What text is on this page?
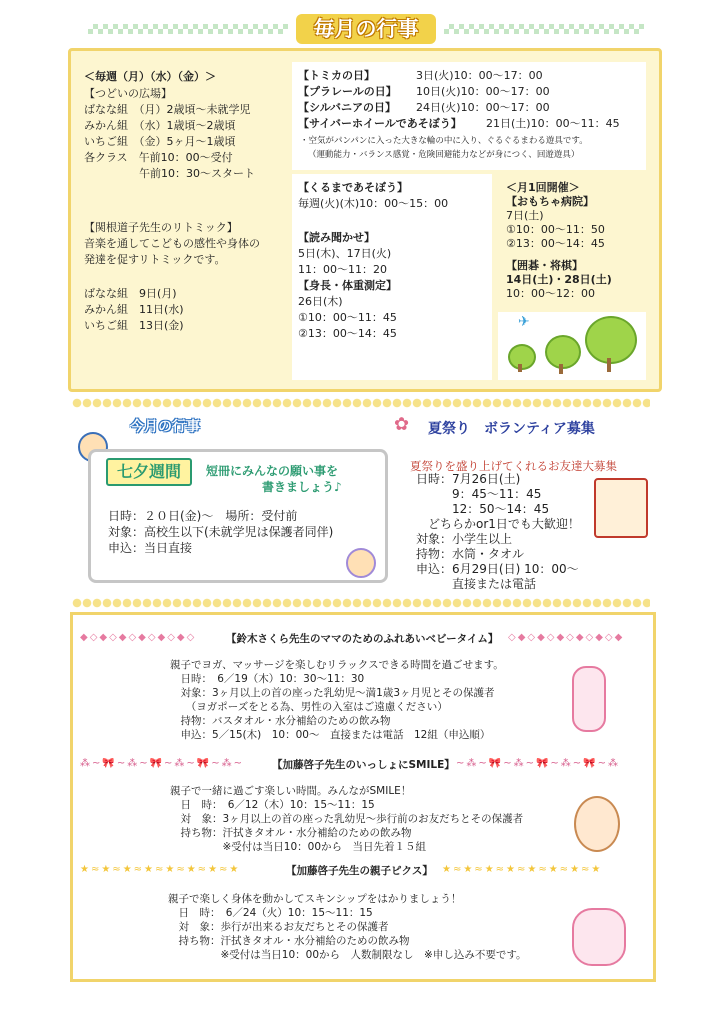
毎月の行事
＜毎週（月）（水）（金）＞
【つどいの広場】
ばなな組　（月）2歳頃～未就学児
みかん組　（水）1歳頃～2歳頃
いちご組　（金）5ヶ月～1歳頃
各クラス　午前10：00～受付
　　　　　午前10：30～スタート
【関根道子先生のリトミック】
音楽を通してこどもの感性や身体の
発達を促すリトミックです。
ばなな組　9日(月)
みかん組　11日(水)
いちご組　13日(金)
【トミカの日】	3日(火)10：00～17：00
【プラレールの日】 10日(火)10：00～17：00
【シルバニアの日】 24日(火)10：00～17：00
【サイバーホイールであそぼう】 21日(土)10：00～11：45
・空気がパンパンに入った大きな輪の中に入り、ぐるぐるまわる遊具です。
（運動能力・バランス感覚・危険回避能力などが身につく、回遊遊具）
【くるまであそぼう】
毎週(火)(木)10：00～15：00
【読み聞かせ】
5日(木)、17日(火)
11：00～11：20
【身長・体重測定】
26日(木)
①10：00～11：45
②13：00～14：45
＜月1回開催＞
【おもちゃ病院】
7日(土)
①10：00～11：50
②13：00～14：45
【囲碁・将棋】
14日(土)・28日(土)
10：00～12：00
✈
今月の行事
七夕週間	短冊にみんなの願い事を
書きましょう♪
日時：２０日(金)～　場所：受付前
対象：高校生以下(未就学児は保護者同伴)
申込：当日直接
✿ 夏祭り　ボランティア募集
夏祭りを盛り上げてくれるお友達大募集
日時：7月26日(土)
　　　9：45～11：45
　　　12：50～14：45
　どちらかor1日でも大歓迎！
対象：小学生以上
持物：水筒・タオル
申込：6月29日(日) 10：00～
　　　直接または電話
◆◇◆◇◆◇◆◇◆◇◆◇	【鈴木さくら先生のママのためのふれあいベビータイム】 ◇◆◇◆◇◆◇◆◇◆◇◆
親子でヨガ、マッサージを楽しむリラックスできる時間を過ごせます。
　日時：　6／19（木）10：30～11：30
　対象：3ヶ月以上の首の座った乳幼児～満1歳3ヶ月児とその保護者
　　（ヨガポーズをとる為、男性の入室はご遠慮ください）
　持物：バスタオル・水分補給のための飲み物
　申込：5／15(木)　10：00～　直接または電話　12組（申込順）
⁂~🎀~⁂~🎀~⁂~🎀~⁂~	【加藤啓子先生のいっしょにSMILE】 ~⁂~🎀~⁂~🎀~⁂~🎀~⁂
親子で一緒に過ごす楽しい時間。みんながSMILE！
　日　時：　6／12（木）10：15～11：15
　対　象：3ヶ月以上の首の座った乳幼児～歩行前のお友だちとその保護者
　持ち物：汗拭きタオル・水分補給のための飲み物
　　　　　※受付は当日10：00から　当日先着１５組
★≈★≈★≈★≈★≈★≈★≈★	【加藤啓子先生の親子ピクス】 ★≈★≈★≈★≈★≈★≈★≈★
親子で楽しく身体を動かしてスキンシップをはかりましょう！
　日　時：　6／24（火）10：15～11：15
　対　象：歩行が出来るお友だちとその保護者
　持ち物：汗拭きタオル・水分補給のための飲み物
　　　　　※受付は当日10：00から　人数制限なし　※申し込み不要です。
